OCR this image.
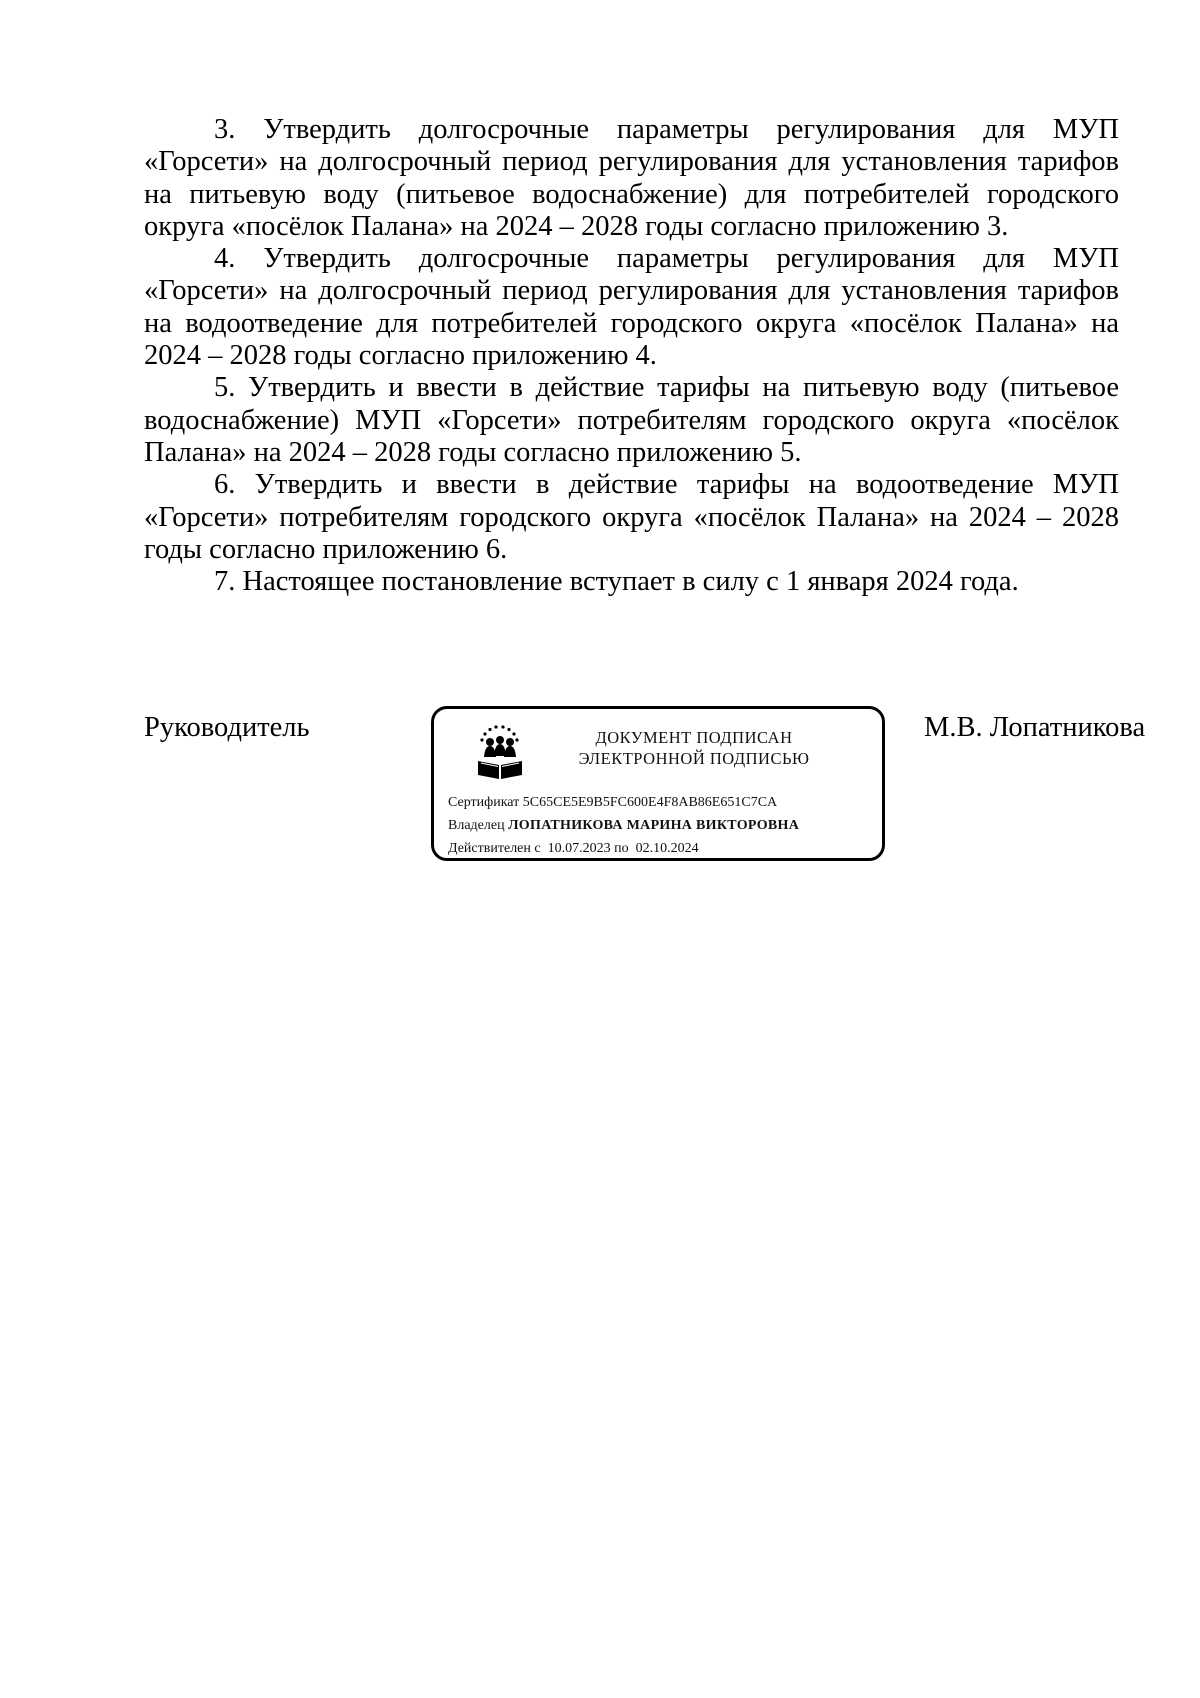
3. Утвердить долгосрочные параметры регулирования для МУП «Горсети» на долгосрочный период регулирования для установления тарифов на питьевую воду (питьевое водоснабжение) для потребителей городского округа «посёлок Палана» на 2024 – 2028 годы согласно приложению 3.

4. Утвердить долгосрочные параметры регулирования для МУП «Горсети» на долгосрочный период регулирования для установления тарифов на водоотведение для потребителей городского округа «посёлок Палана» на 2024 – 2028 годы согласно приложению 4.

5. Утвердить и ввести в действие тарифы на питьевую воду (питьевое водоснабжение) МУП «Горсети» потребителям городского округа «посёлок Палана» на 2024 – 2028 годы согласно приложению 5.

6. Утвердить и ввести в действие тарифы на водоотведение МУП «Горсети» потребителям городского округа «посёлок Палана» на 2024 – 2028 годы согласно приложению 6.

7. Настоящее постановление вступает в силу с 1 января 2024 года.

Руководитель	ДОКУМЕНТ ПОДПИСАН
ЭЛЕКТРОННОЙ ПОДПИСЬЮ
Сертификат 5C65CE5E9B5FC600E4F8AB86E651C7CA
Владелец ЛОПАТНИКОВА МАРИНА ВИКТОРОВНА
Действителен с 10.07.2023 по 02.10.2024
М.В. Лопатникова
